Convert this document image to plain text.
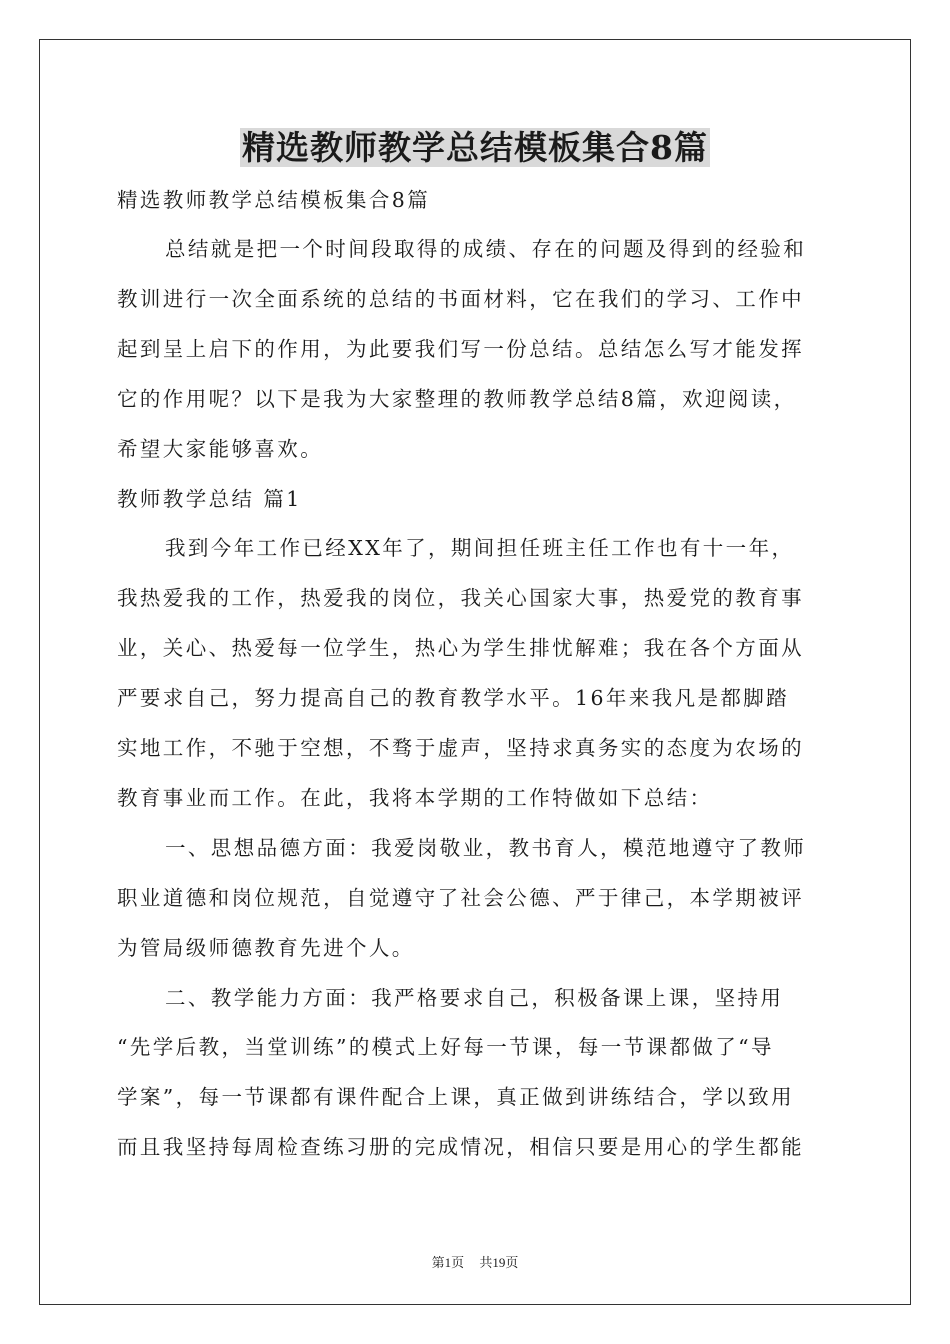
精选教师教学总结模板集合8篇
精选教师教学总结模板集合8篇
总结就是把一个时间段取得的成绩、存在的问题及得到的经验和
教训进行一次全面系统的总结的书面材料，它在我们的学习、工作中
起到呈上启下的作用，为此要我们写一份总结。总结怎么写才能发挥
它的作用呢？以下是我为大家整理的教师教学总结8篇，欢迎阅读，
希望大家能够喜欢。
教师教学总结 篇1
我到今年工作已经XX年了，期间担任班主任工作也有十一年，
我热爱我的工作，热爱我的岗位，我关心国家大事，热爱党的教育事
业，关心、热爱每一位学生，热心为学生排忧解难；我在各个方面从
严要求自己，努力提高自己的教育教学水平。16年来我凡是都脚踏
实地工作，不驰于空想，不骛于虚声，坚持求真务实的态度为农场的
教育事业而工作。在此，我将本学期的工作特做如下总结：
一、思想品德方面：我爱岗敬业，教书育人，模范地遵守了教师
职业道德和岗位规范，自觉遵守了社会公德、严于律己，本学期被评
为管局级师德教育先进个人。
二、教学能力方面：我严格要求自己，积极备课上课，坚持用
“先学后教，当堂训练”的模式上好每一节课，每一节课都做了“导
学案”，每一节课都有课件配合上课，真正做到讲练结合，学以致用
而且我坚持每周检查练习册的完成情况，相信只要是用心的学生都能
第1页 共19页
